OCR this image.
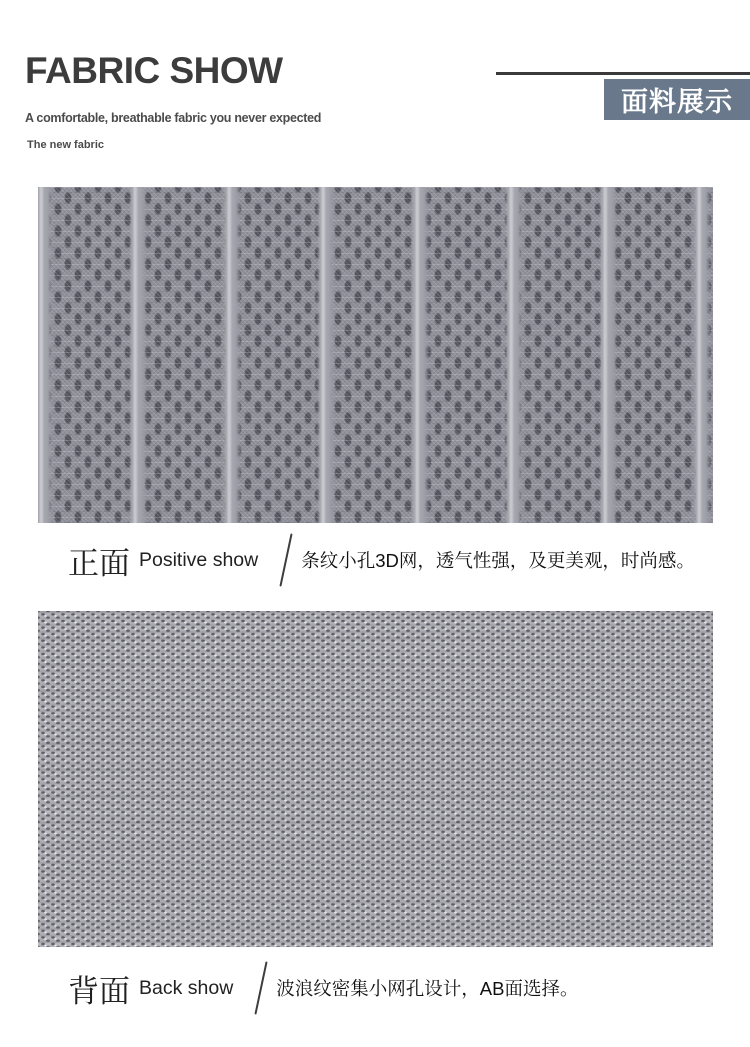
FABRIC SHOW
面料展示

A comfortable, breathable fabric you never expected

The new fabric

正面 Positive show 条纹小孔3D网，透气性强，及更美观，时尚感。
背面 Back show 波浪纹密集小网孔设计，AB面选择。
